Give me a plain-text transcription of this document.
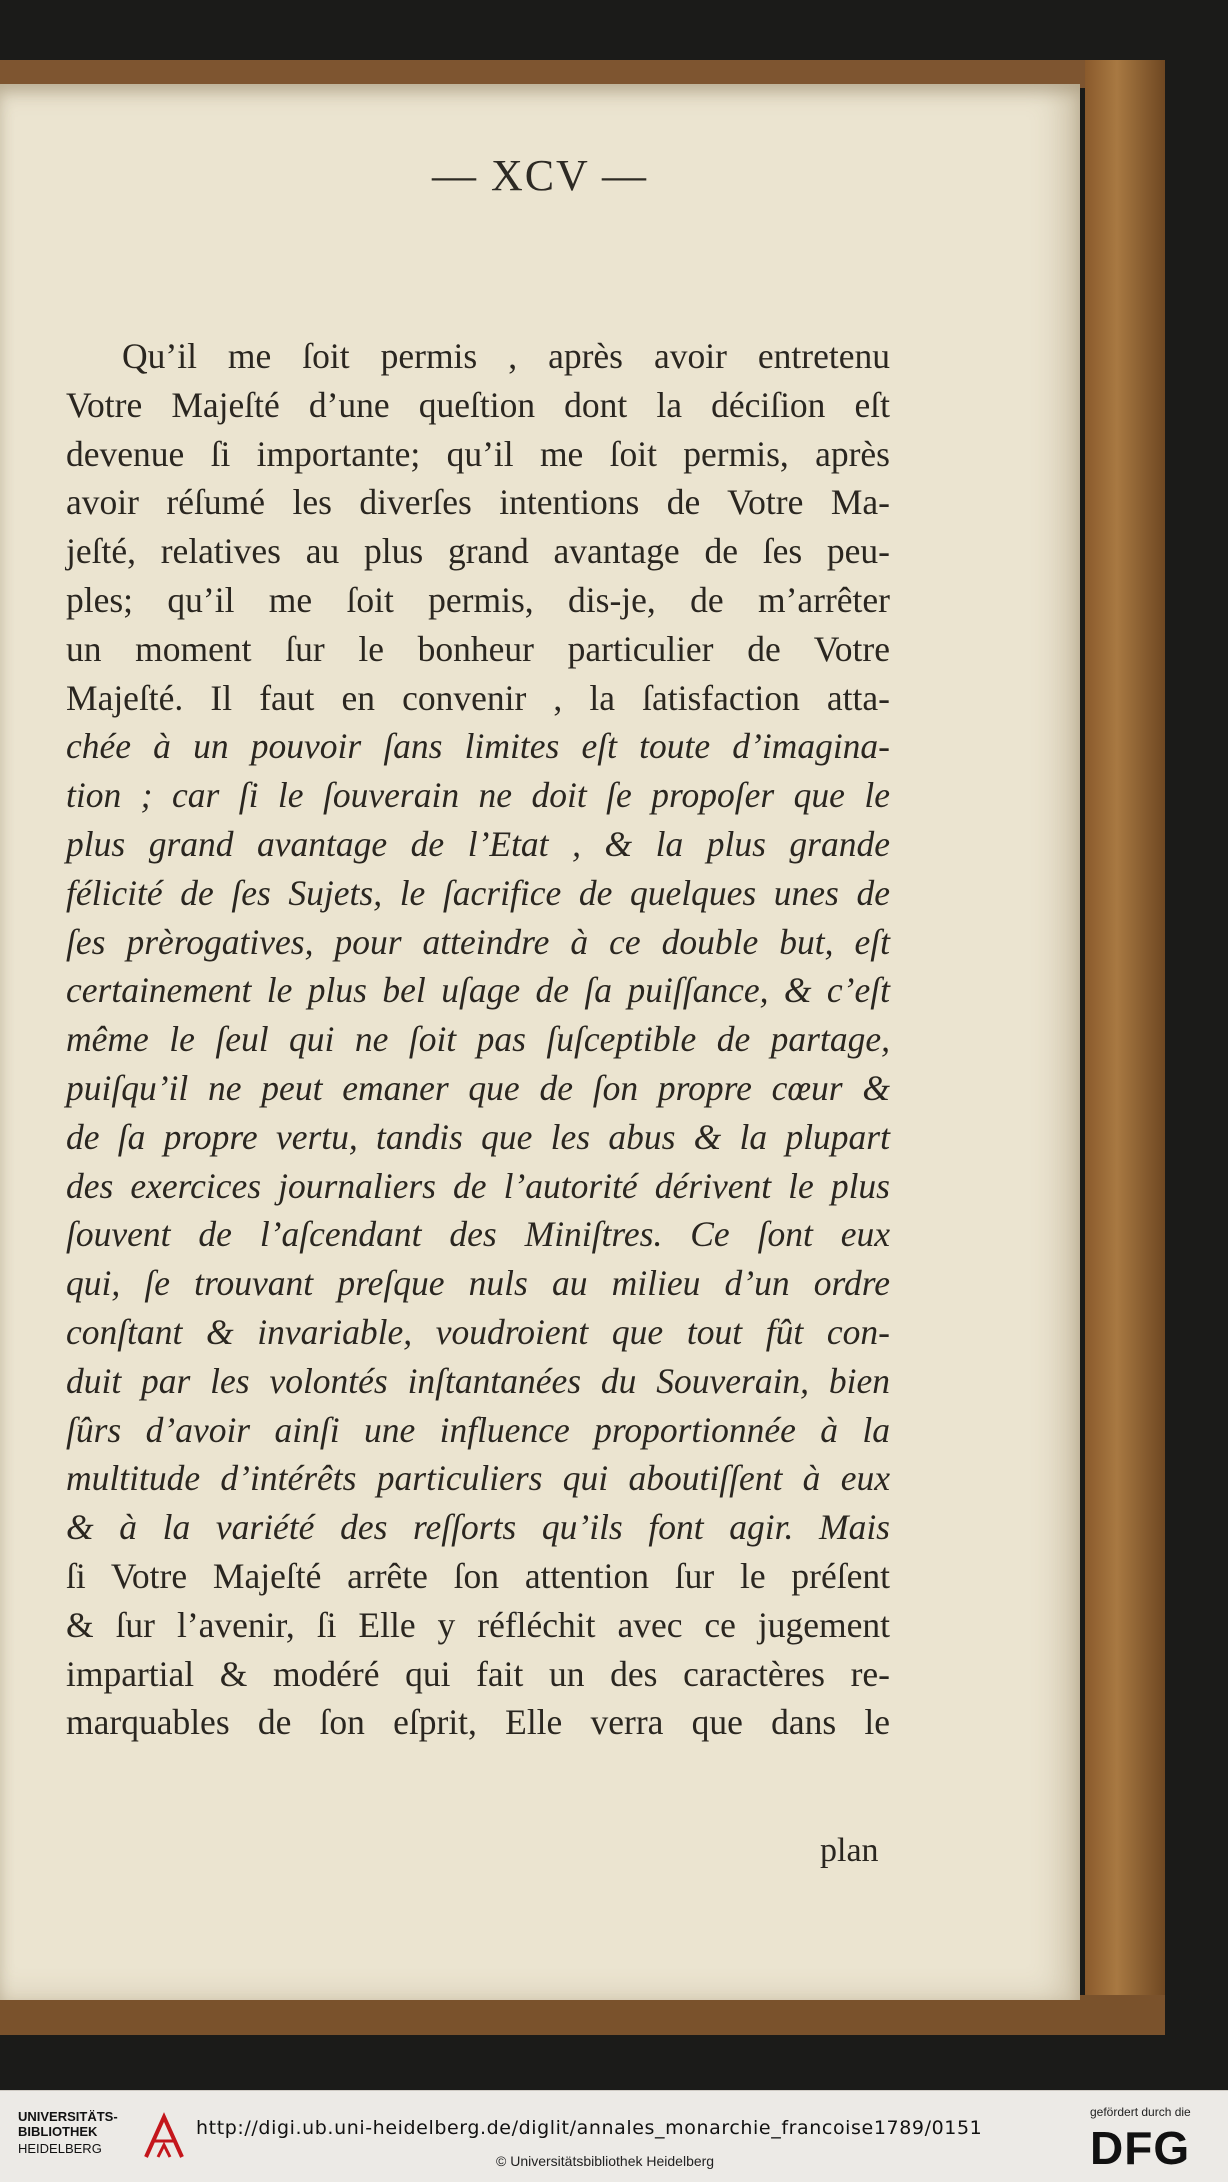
— XCV —
Qu’il me ſoit permis , après avoir entretenu
Votre Majeſté d’une queſtion dont la déciſion eſt
devenue ſi importante; qu’il me ſoit permis, après
avoir réſumé les diverſes intentions de Votre Ma-
jeſté, relatives au plus grand avantage de ſes peu-
ples; qu’il me ſoit permis, dis-je, de m’arrêter
un moment ſur le bonheur particulier de Votre
Majeſté. Il faut en convenir , la ſatisfaction atta-
chée à un pouvoir ſans limites eſt toute d’imagina-
tion ; car ſi le ſouverain ne doit ſe propoſer que le
plus grand avantage de l’Etat , & la plus grande
félicité de ſes Sujets, le ſacrifice de quelques unes de
ſes prèrogatives, pour atteindre à ce double but, eſt
certainement le plus bel uſage de ſa puiſſance, & c’eſt
même le ſeul qui ne ſoit pas ſuſceptible de partage,
puiſqu’il ne peut emaner que de ſon propre cœur &
de ſa propre vertu, tandis que les abus & la plupart
des exercices journaliers de l’autorité dérivent le plus
ſouvent de l’aſcendant des Miniſtres. Ce ſont eux
qui, ſe trouvant preſque nuls au milieu d’un ordre
conſtant & invariable, voudroient que tout fût con-
duit par les volontés inſtantanées du Souverain, bien
ſûrs d’avoir ainſi une influence proportionnée à la
multitude d’intérêts particuliers qui aboutiſſent à eux
& à la variété des reſſorts qu’ils font agir. Mais
ſi Votre Majeſté arrête ſon attention ſur le préſent
& ſur l’avenir, ſi Elle y réfléchit avec ce jugement
impartial & modéré qui fait un des caractères re-
marquables de ſon eſprit, Elle verra que dans le
plan
UNIVERSITÄTS-
BIBLIOTHEK
HEIDELBERG
http://digi.ub.uni-heidelberg.de/diglit/annales_monarchie_francoise1789/0151
© Universitätsbibliothek Heidelberg
gefördert durch die
DFG
